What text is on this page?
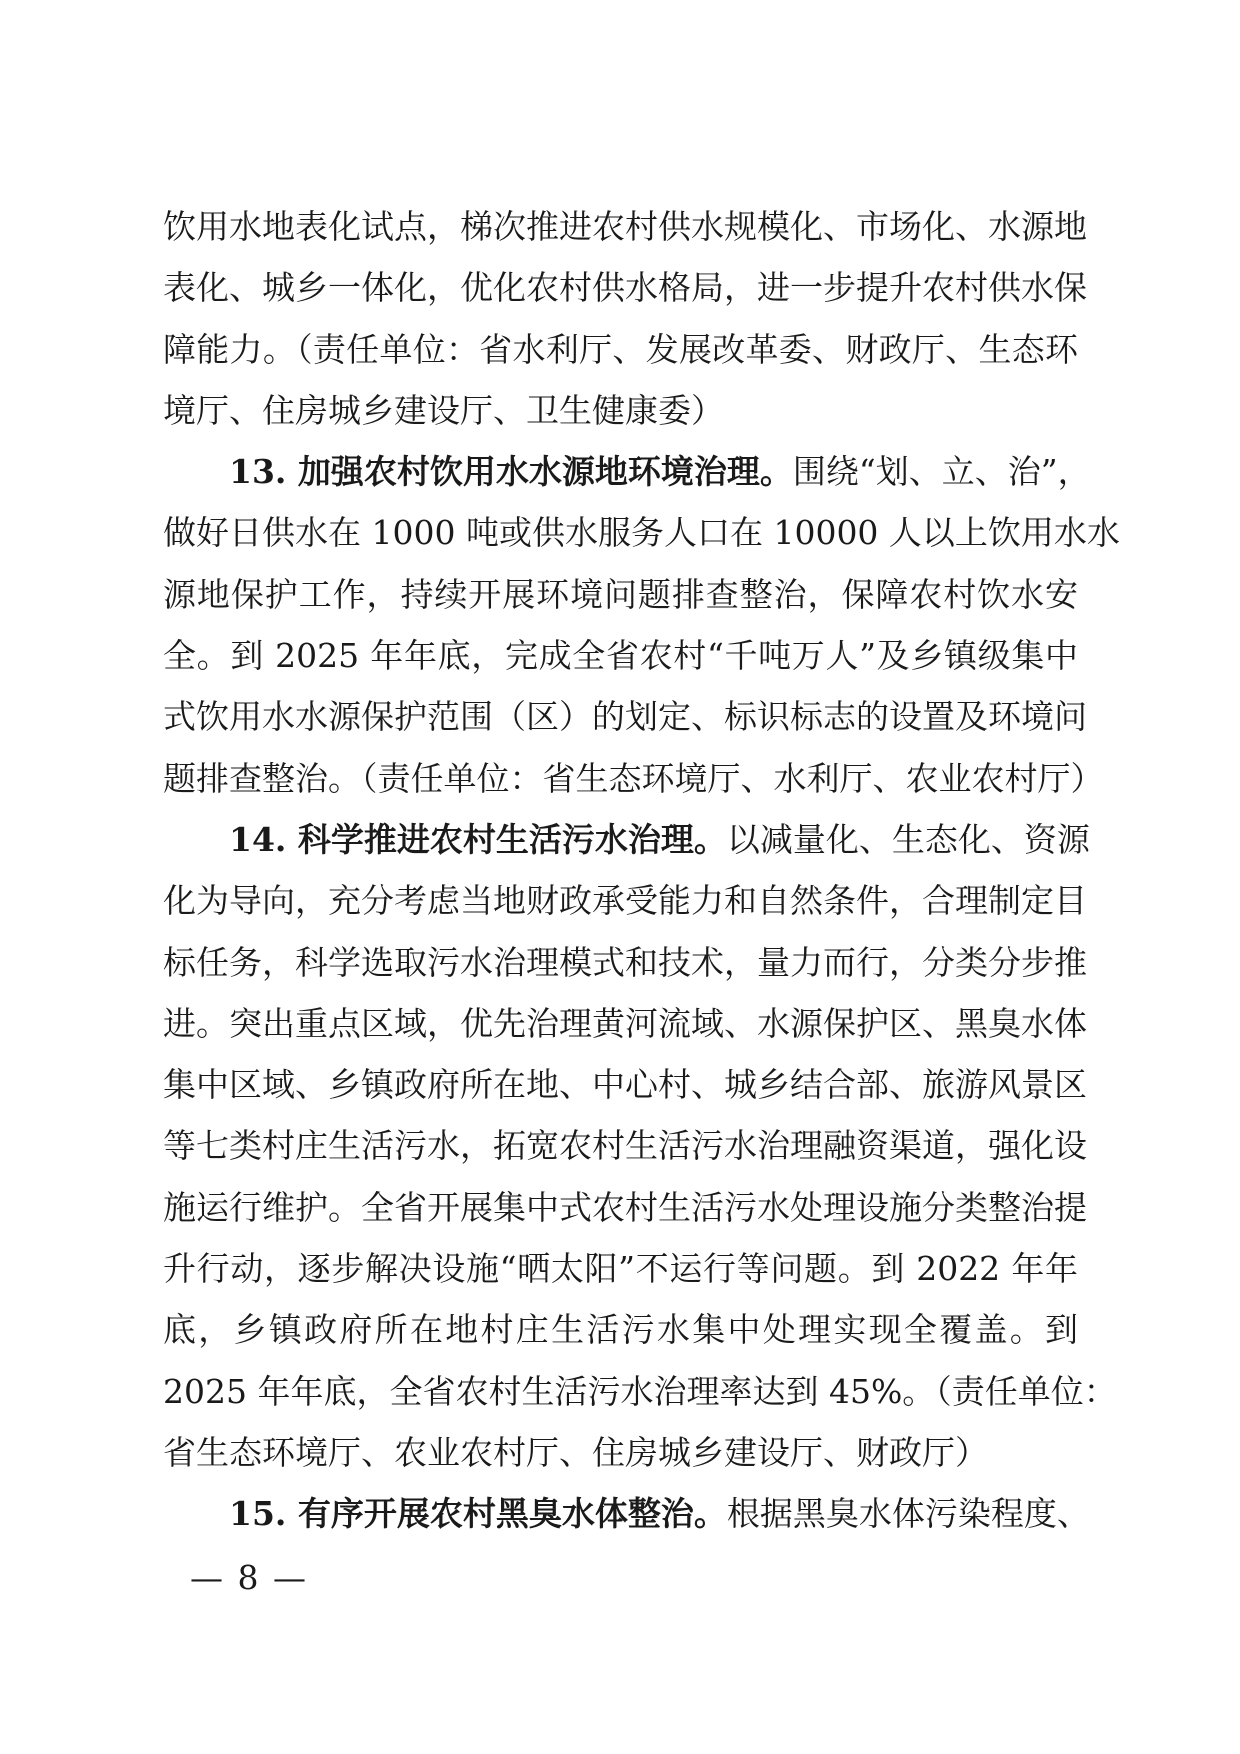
饮用水地表化试点，梯次推进农村供水规模化、市场化、水源地
表化、城乡一体化，优化农村供水格局，进一步提升农村供水保
障能力。（责任单位：省水利厅、发展改革委、财政厅、生态环
境厅、住房城乡建设厅、卫生健康委）
13. 加强农村饮用水水源地环境治理。围绕“划、立、治”，
做好日供水在 1000 吨或供水服务人口在 10000 人以上饮用水水
源地保护工作，持续开展环境问题排查整治，保障农村饮水安
全。到 2025 年年底，完成全省农村“千吨万人”及乡镇级集中
式饮用水水源保护范围（区）的划定、标识标志的设置及环境问
题排查整治。（责任单位：省生态环境厅、水利厅、农业农村厅）
14. 科学推进农村生活污水治理。以减量化、生态化、资源
化为导向，充分考虑当地财政承受能力和自然条件，合理制定目
标任务，科学选取污水治理模式和技术，量力而行，分类分步推
进。突出重点区域，优先治理黄河流域、水源保护区、黑臭水体
集中区域、乡镇政府所在地、中心村、城乡结合部、旅游风景区
等七类村庄生活污水，拓宽农村生活污水治理融资渠道，强化设
施运行维护。全省开展集中式农村生活污水处理设施分类整治提
升行动，逐步解决设施“晒太阳”不运行等问题。到 2022 年年
底，乡镇政府所在地村庄生活污水集中处理实现全覆盖。到
2025 年年底，全省农村生活污水治理率达到 45%。（责任单位：
省生态环境厅、农业农村厅、住房城乡建设厅、财政厅）
15. 有序开展农村黑臭水体整治。根据黑臭水体污染程度、
— 8 —
